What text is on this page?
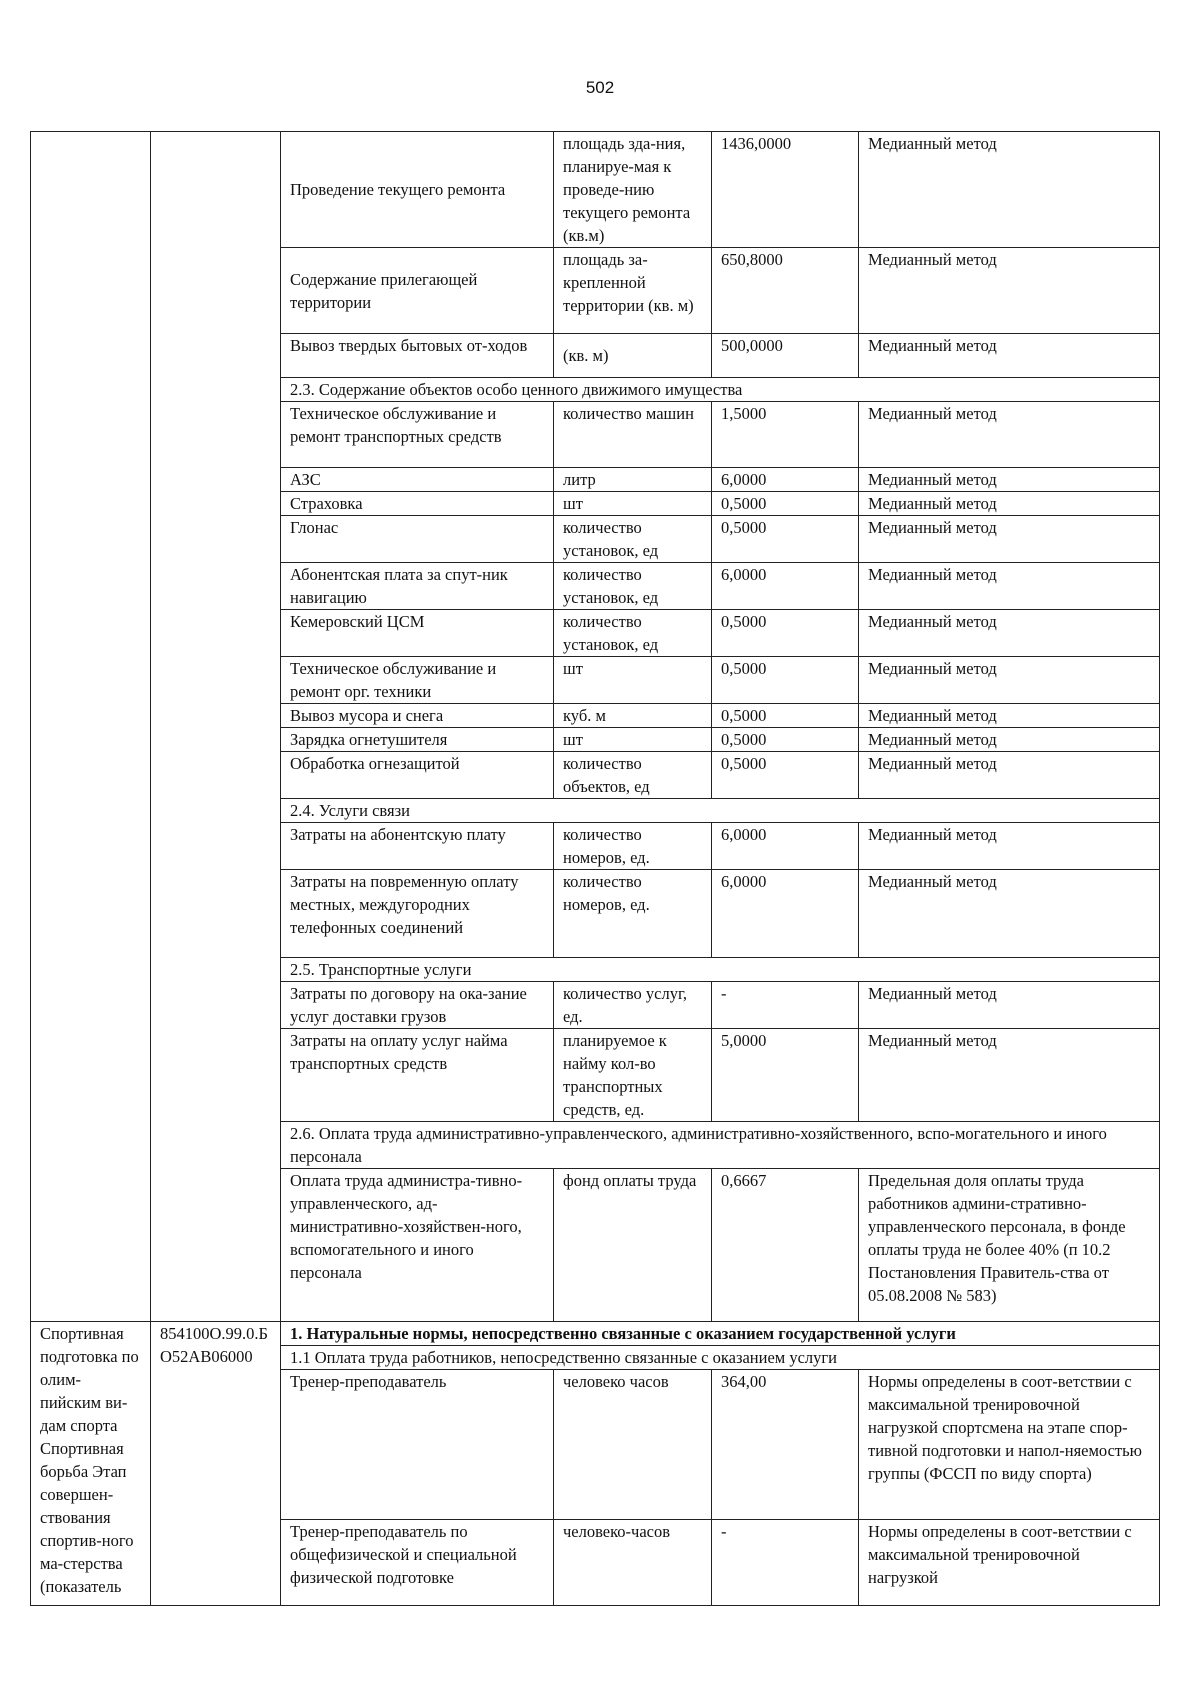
502
		Проведение текущего ремонта	площадь зда-ния, планируе-мая к проведе-нию текущего ремонта (кв.м)	1436,0000	Медианный метод
		Содержание прилегающей территории	площадь за-крепленной территории (кв. м)	650,8000	Медианный метод
		Вывоз твердых бытовых от-ходов	(кв. м)	500,0000	Медианный метод
		2.3. Содержание объектов особо ценного движимого имущества			
		Техническое обслуживание и ремонт транспортных средств	количество машин	1,5000	Медианный метод
		АЗС	литр	6,0000	Медианный метод
		Страховка	шт	0,5000	Медианный метод
		Глонас	количество установок, ед	0,5000	Медианный метод
		Абонентская плата за спут-ник навигацию	количество установок, ед	6,0000	Медианный метод
		Кемеровский ЦСМ	количество установок, ед	0,5000	Медианный метод
		Техническое обслуживание и ремонт орг. техники	шт	0,5000	Медианный метод
		Вывоз мусора и снега	куб. м	0,5000	Медианный метод
		Зарядка огнетушителя	шт	0,5000	Медианный метод
		Обработка огнезащитой	количество объектов, ед	0,5000	Медианный метод
		2.4. Услуги связи			
		Затраты на абонентскую плату	количество номеров, ед.	6,0000	Медианный метод
		Затраты на повременную оплату местных, междугородних телефонных соединений	количество номеров, ед.	6,0000	Медианный метод
		2.5. Транспортные услуги			
		Затраты по договору на ока-зание услуг доставки грузов	количество услуг, ед.	-	Медианный метод
		Затраты на оплату услуг найма транспортных средств	планируемое к найму кол-во транспортных средств, ед.	5,0000	Медианный метод
		2.6. Оплата труда административно-управленческого, административно-хозяйственного, вспо-могательного и иного персонала			
		Оплата труда администра-тивно-управленческого, ад-министративно-хозяйствен-ного, вспомогательного и иного персонала	фонд оплаты труда	0,6667	Предельная доля оплаты труда работников админи-стративно-управленческого персонала, в фонде оплаты труда не более 40% (п 10.2 Постановления Правитель-ства от 05.08.2008 № 583)
Спортивная подготовка по олим-пийским ви-дам спорта Спортивная борьба Этап совершен-ствования спортив-ного ма-стерства (показатель	854100О.99.0.БО52АВ06000	1. Натуральные нормы, непосредственно связанные с оказанием государственной услуги			
		1.1 Оплата труда работников, непосредственно связанные с оказанием услуги			
		Тренер-преподаватель	человеко часов	364,00	Нормы определены в соот-ветствии с максимальной тренировочной нагрузкой спортсмена на этапе спор-тивной подготовки и напол-няемостью группы (ФССП по виду спорта)
		Тренер-преподаватель по общефизической и специальной физической подготовке	человеко-часов	-	Нормы определены в соот-ветствии с максимальной тренировочной нагрузкой
